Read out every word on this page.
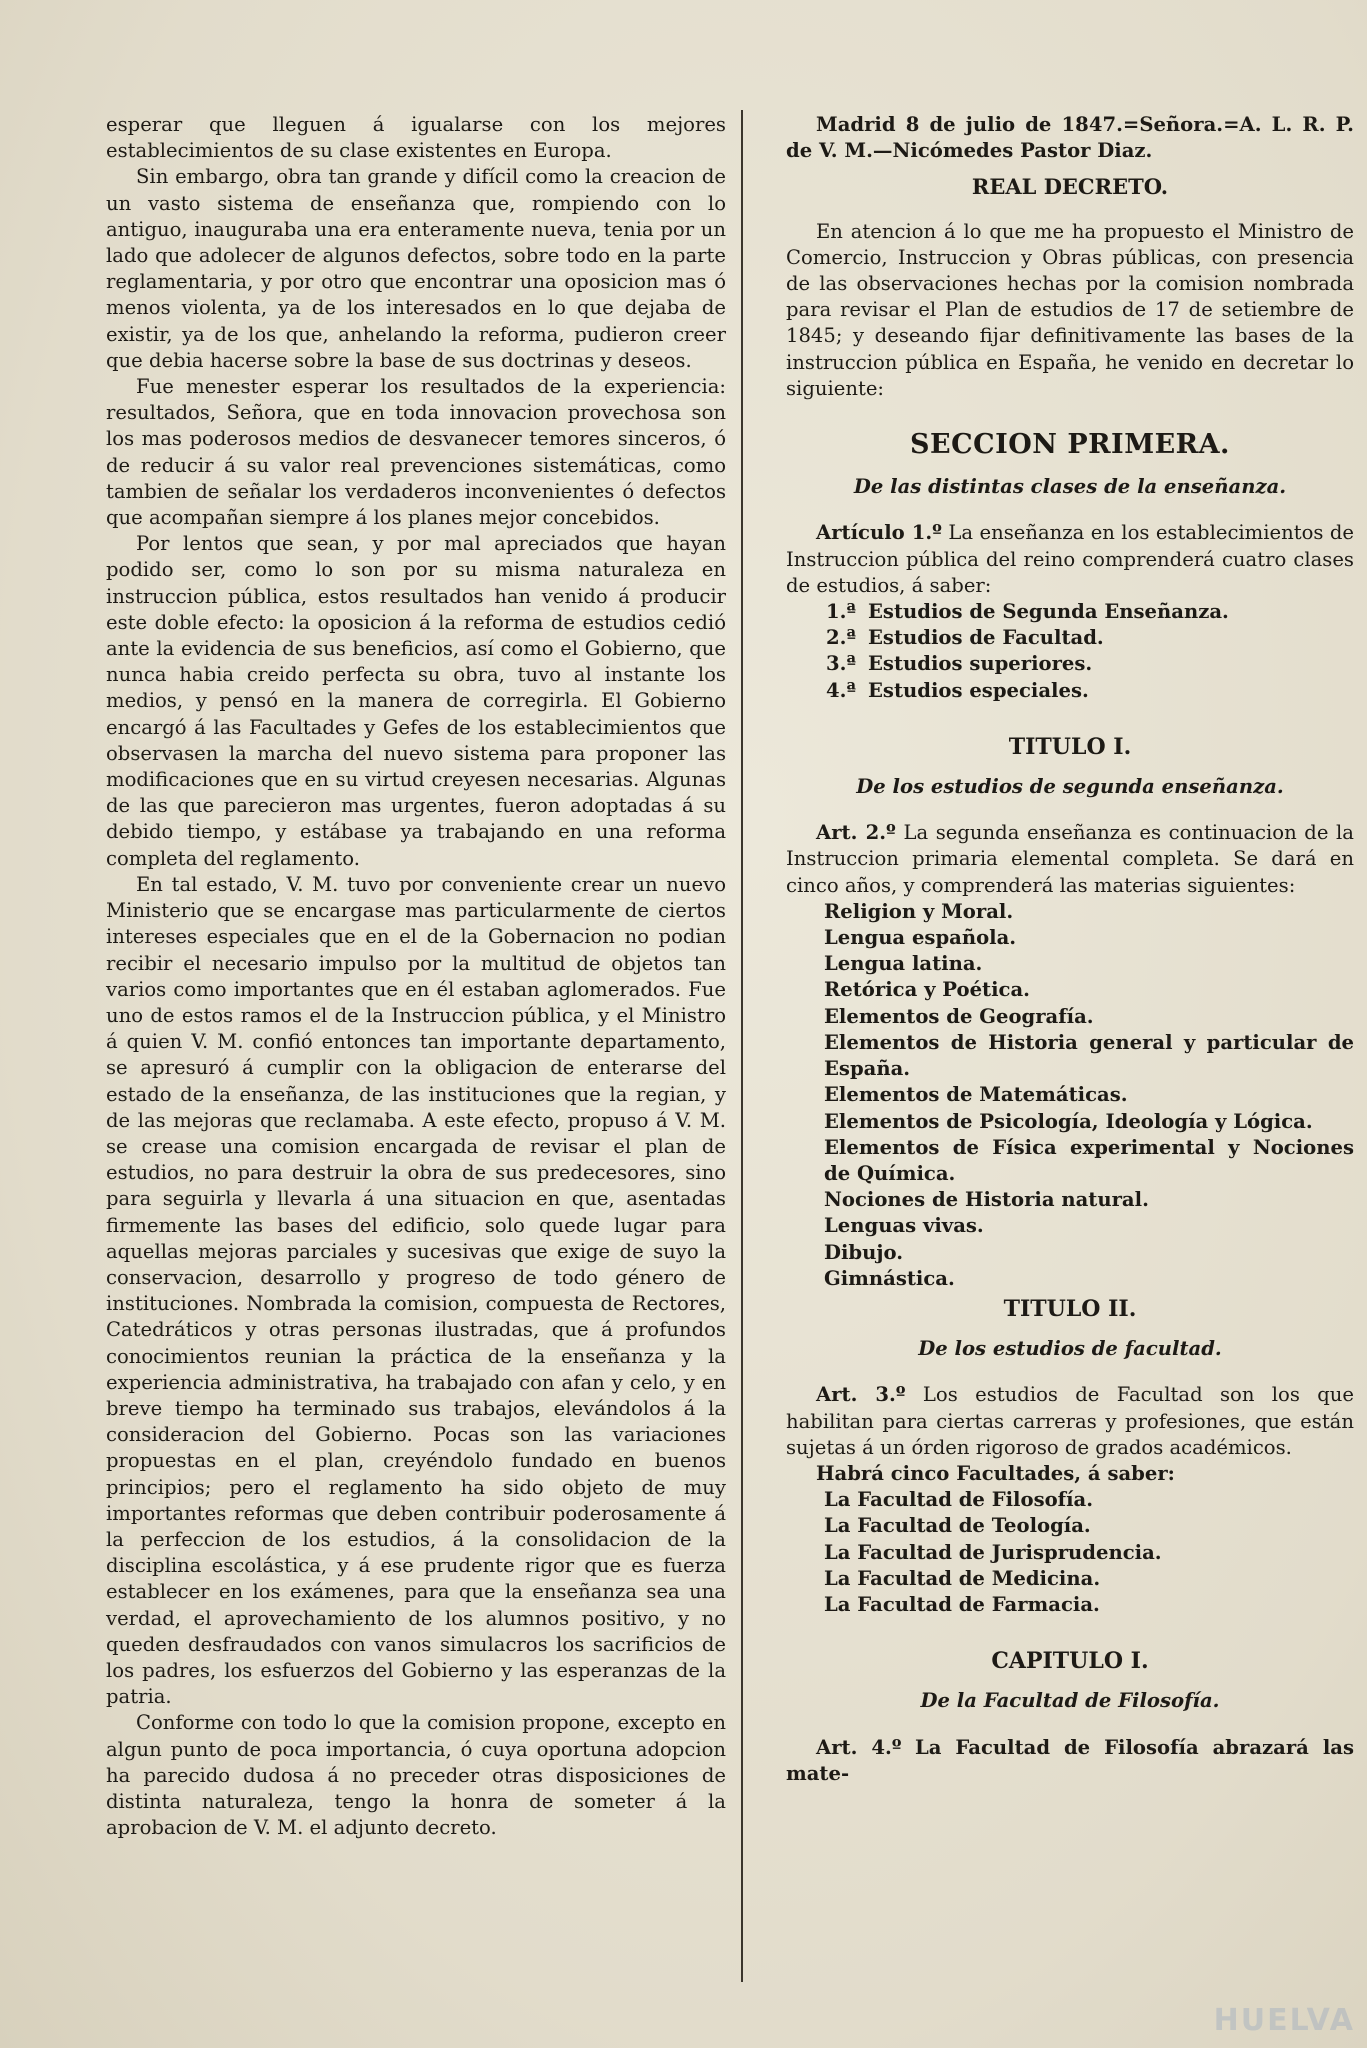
esperar que lleguen á igualarse con los mejores establecimientos de su clase existentes en Europa.

Sin embargo, obra tan grande y difícil como la creacion de un vasto sistema de enseñanza que, rompiendo con lo antiguo, inauguraba una era enteramente nueva, tenia por un lado que adolecer de algunos defectos, sobre todo en la parte reglamentaria, y por otro que encontrar una oposicion mas ó menos violenta, ya de los interesados en lo que dejaba de existir, ya de los que, anhelando la reforma, pudieron creer que debia hacerse sobre la base de sus doctrinas y deseos.

Fue menester esperar los resultados de la experiencia: resultados, Señora, que en toda innovacion provechosa son los mas poderosos medios de desvanecer temores sinceros, ó de reducir á su valor real prevenciones sistemáticas, como tambien de señalar los verdaderos inconvenientes ó defectos que acompañan siempre á los planes mejor concebidos.

Por lentos que sean, y por mal apreciados que hayan podido ser, como lo son por su misma naturaleza en instruccion pública, estos resultados han venido á producir este doble efecto: la oposicion á la reforma de estudios cedió ante la evidencia de sus beneficios, así como el Gobierno, que nunca habia creido perfecta su obra, tuvo al instante los medios, y pensó en la manera de corregirla. El Gobierno encargó á las Facultades y Gefes de los establecimientos que observasen la marcha del nuevo sistema para proponer las modificaciones que en su virtud creyesen necesarias. Algunas de las que parecieron mas urgentes, fueron adoptadas á su debido tiempo, y estábase ya trabajando en una reforma completa del reglamento.

En tal estado, V. M. tuvo por conveniente crear un nuevo Ministerio que se encargase mas particularmente de ciertos intereses especiales que en el de la Gobernacion no podian recibir el necesario impulso por la multitud de objetos tan varios como importantes que en él estaban aglomerados. Fue uno de estos ramos el de la Instruccion pública, y el Ministro á quien V. M. confió entonces tan importante departamento, se apresuró á cumplir con la obligacion de enterarse del estado de la enseñanza, de las instituciones que la regian, y de las mejoras que reclamaba. A este efecto, propuso á V. M. se crease una comision encargada de revisar el plan de estudios, no para destruir la obra de sus predecesores, sino para seguirla y llevarla á una situacion en que, asentadas firmemente las bases del edificio, solo quede lugar para aquellas mejoras parciales y sucesivas que exige de suyo la conservacion, desarrollo y progreso de todo género de instituciones. Nombrada la comision, compuesta de Rectores, Catedráticos y otras personas ilustradas, que á profundos conocimientos reunian la práctica de la enseñanza y la experiencia administrativa, ha trabajado con afan y celo, y en breve tiempo ha terminado sus trabajos, elevándolos á la consideracion del Gobierno. Pocas son las variaciones propuestas en el plan, creyéndolo fundado en buenos principios; pero el reglamento ha sido objeto de muy importantes reformas que deben contribuir poderosamente á la perfeccion de los estudios, á la consolidacion de la disciplina escolástica, y á ese prudente rigor que es fuerza establecer en los exámenes, para que la enseñanza sea una verdad, el aprovechamiento de los alumnos positivo, y no queden desfraudados con vanos simulacros los sacrificios de los padres, los esfuerzos del Gobierno y las esperanzas de la patria.

Conforme con todo lo que la comision propone, excepto en algun punto de poca importancia, ó cuya oportuna adopcion ha parecido dudosa á no preceder otras disposiciones de distinta naturaleza, tengo la honra de someter á la aprobacion de V. M. el adjunto decreto.

Madrid 8 de julio de 1847.=Señora.=A. L. R. P. de V. M.—Nicómedes Pastor Diaz.

REAL DECRETO.

En atencion á lo que me ha propuesto el Ministro de Comercio, Instruccion y Obras públicas, con presencia de las observaciones hechas por la comision nombrada para revisar el Plan de estudios de 17 de setiembre de 1845; y deseando fijar definitivamente las bases de la instruccion pública en España, he venido en decretar lo siguiente:

SECCION PRIMERA.
De las distintas clases de la enseñanza.

Artículo 1.º La enseñanza en los establecimientos de Instruccion pública del reino comprenderá cuatro clases de estudios, á saber:

1.ª Estudios de Segunda Enseñanza.
2.ª Estudios de Facultad.
3.ª Estudios superiores.
4.ª Estudios especiales.
TITULO I.
De los estudios de segunda enseñanza.

Art. 2.º La segunda enseñanza es continuacion de la Instruccion primaria elemental completa. Se dará en cinco años, y comprenderá las materias siguientes:

Religion y Moral.
Lengua española.
Lengua latina.
Retórica y Poética.
Elementos de Geografía.
Elementos de Historia general y particular de España.
Elementos de Matemáticas.
Elementos de Psicología, Ideología y Lógica.
Elementos de Física experimental y Nociones de Química.
Nociones de Historia natural.
Lenguas vivas.
Dibujo.
Gimnástica.
TITULO II.
De los estudios de facultad.

Art. 3.º Los estudios de Facultad son los que habilitan para ciertas carreras y profesiones, que están sujetas á un órden rigoroso de grados académicos.

Habrá cinco Facultades, á saber:

La Facultad de Filosofía.
La Facultad de Teología.
La Facultad de Jurisprudencia.
La Facultad de Medicina.
La Facultad de Farmacia.
CAPITULO I.
De la Facultad de Filosofía.

Art. 4.º La Facultad de Filosofía abrazará las mate-

HUELVA
